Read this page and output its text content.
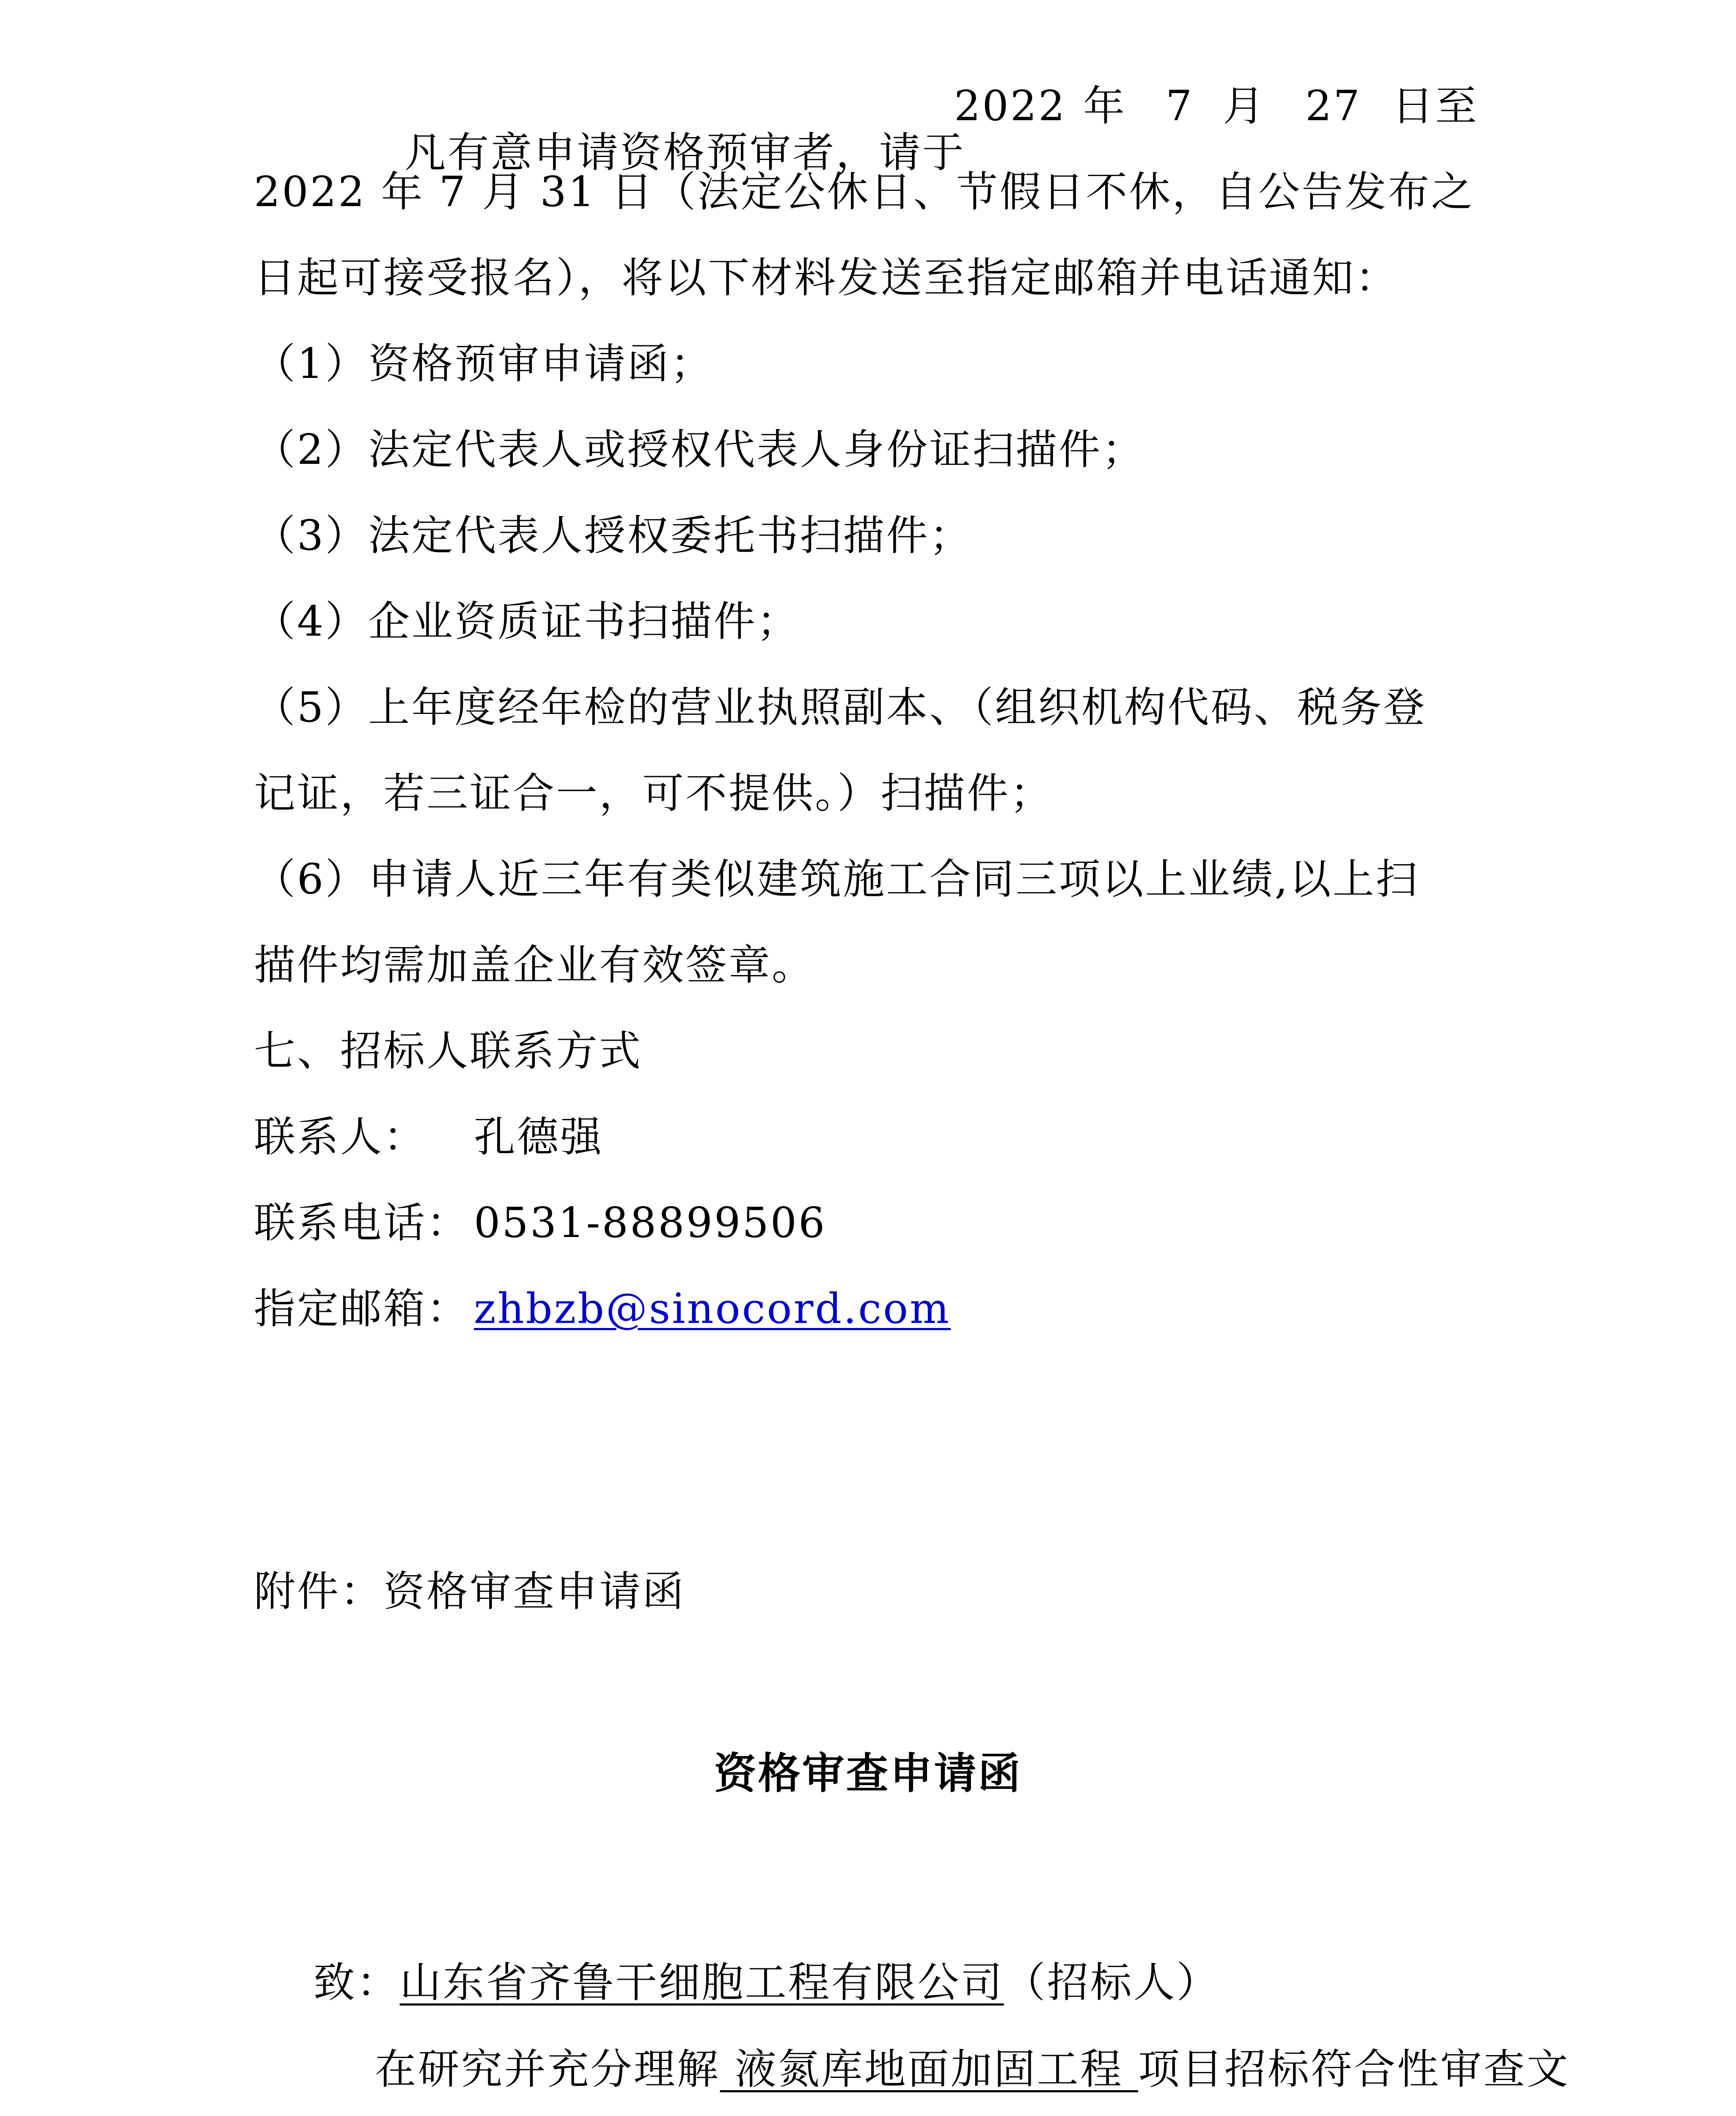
凡有意申请资格预审者，请于

2022 年 7 月 27 日至
2022 年 7 月 31 日（法定公休日、节假日不休，自公告发布之
日起可接受报名），将以下材料发送至指定邮箱并电话通知：
（1）资格预审申请函；
（2）法定代表人或授权代表人身份证扫描件；
（3）法定代表人授权委托书扫描件；
（4）企业资质证书扫描件；
（5）上年度经年检的营业执照副本、（组织机构代码、税务登
记证，若三证合一，可不提供。）扫描件；
（6）申请人近三年有类似建筑施工合同三项以上业绩,以上扫
描件均需加盖企业有效签章。
七、招标人联系方式
联系人： 孔德强
联系电话： 0531-88899506
指定邮箱： zhbzb@sinocord.com
附件：资格审查申请函
资格审查申请函

致：山东省齐鲁干细胞工程有限公司（招标人）

在研究并充分理解 液氮库地面加固工程 项目招标符合性审查文
